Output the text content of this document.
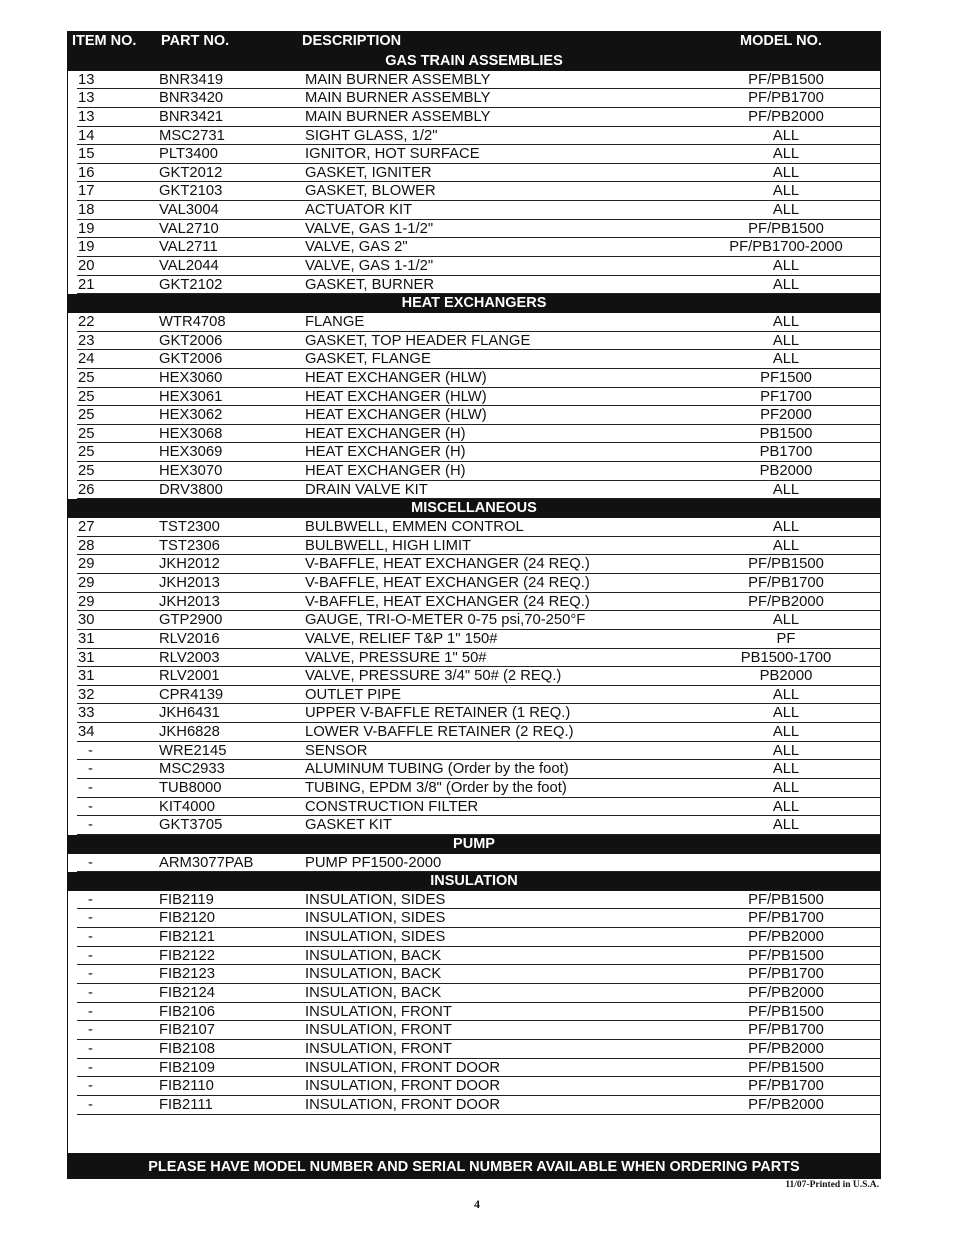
ITEM NO. PART NO.	DESCRIPTION	MODEL NO.
GAS TRAIN ASSEMBLIES
13	BNR3419	MAIN BURNER ASSEMBLY	PF/PB1500
13	BNR3420	MAIN BURNER ASSEMBLY	PF/PB1700
13	BNR3421	MAIN BURNER ASSEMBLY	PF/PB2000
14	MSC2731	SIGHT GLASS, 1/2"	ALL
15	PLT3400	IGNITOR, HOT SURFACE	ALL
16	GKT2012	GASKET, IGNITER	ALL
17	GKT2103	GASKET, BLOWER	ALL
18	VAL3004	ACTUATOR KIT	ALL
19	VAL2710	VALVE, GAS 1-1/2"	PF/PB1500
19	VAL2711	VALVE, GAS 2"	PF/PB1700-2000
20	VAL2044	VALVE, GAS 1-1/2"	ALL
21	GKT2102	GASKET, BURNER	ALL
HEAT EXCHANGERS
22	WTR4708	FLANGE	ALL
23	GKT2006	GASKET, TOP HEADER FLANGE	ALL
24	GKT2006	GASKET, FLANGE	ALL
25	HEX3060	HEAT EXCHANGER (HLW)	PF1500
25	HEX3061	HEAT EXCHANGER (HLW)	PF1700
25	HEX3062	HEAT EXCHANGER (HLW)	PF2000
25	HEX3068	HEAT EXCHANGER (H)	PB1500
25	HEX3069	HEAT EXCHANGER (H)	PB1700
25	HEX3070	HEAT EXCHANGER (H)	PB2000
26	DRV3800	DRAIN VALVE KIT	ALL
MISCELLANEOUS
27	TST2300	BULBWELL, EMMEN CONTROL	ALL
28	TST2306	BULBWELL, HIGH LIMIT	ALL
29	JKH2012	V-BAFFLE, HEAT EXCHANGER (24 REQ.)	PF/PB1500
29	JKH2013	V-BAFFLE, HEAT EXCHANGER (24 REQ.)	PF/PB1700
29	JKH2013	V-BAFFLE, HEAT EXCHANGER (24 REQ.)	PF/PB2000
30	GTP2900	GAUGE, TRI-O-METER 0-75 psi,70-250°F	ALL
31	RLV2016	VALVE, RELIEF T&P 1" 150#	PF
31	RLV2003	VALVE, PRESSURE 1" 50#	PB1500-1700
31	RLV2001	VALVE, PRESSURE 3/4" 50# (2 REQ.)	PB2000
32	CPR4139	OUTLET PIPE	ALL
33	JKH6431	UPPER V-BAFFLE RETAINER (1 REQ.)	ALL
34	JKH6828	LOWER V-BAFFLE RETAINER (2 REQ.)	ALL
-	WRE2145	SENSOR	ALL
-	MSC2933	ALUMINUM TUBING (Order by the foot)	ALL
-	TUB8000	TUBING, EPDM 3/8" (Order by the foot)	ALL
-	KIT4000	CONSTRUCTION FILTER	ALL
-	GKT3705	GASKET KIT	ALL
PUMP
-	ARM3077PAB	PUMP PF1500-2000
INSULATION
-	FIB2119	INSULATION, SIDES	PF/PB1500
-	FIB2120	INSULATION, SIDES	PF/PB1700
-	FIB2121	INSULATION, SIDES	PF/PB2000
-	FIB2122	INSULATION, BACK	PF/PB1500
-	FIB2123	INSULATION, BACK	PF/PB1700
-	FIB2124	INSULATION, BACK	PF/PB2000
-	FIB2106	INSULATION, FRONT	PF/PB1500
-	FIB2107	INSULATION, FRONT	PF/PB1700
-	FIB2108	INSULATION, FRONT	PF/PB2000
-	FIB2109	INSULATION, FRONT DOOR	PF/PB1500
-	FIB2110	INSULATION, FRONT DOOR	PF/PB1700
-	FIB2111	INSULATION, FRONT DOOR	PF/PB2000
PLEASE HAVE MODEL NUMBER AND SERIAL NUMBER AVAILABLE WHEN ORDERING PARTS
11/07-Printed in U.S.A.
4
